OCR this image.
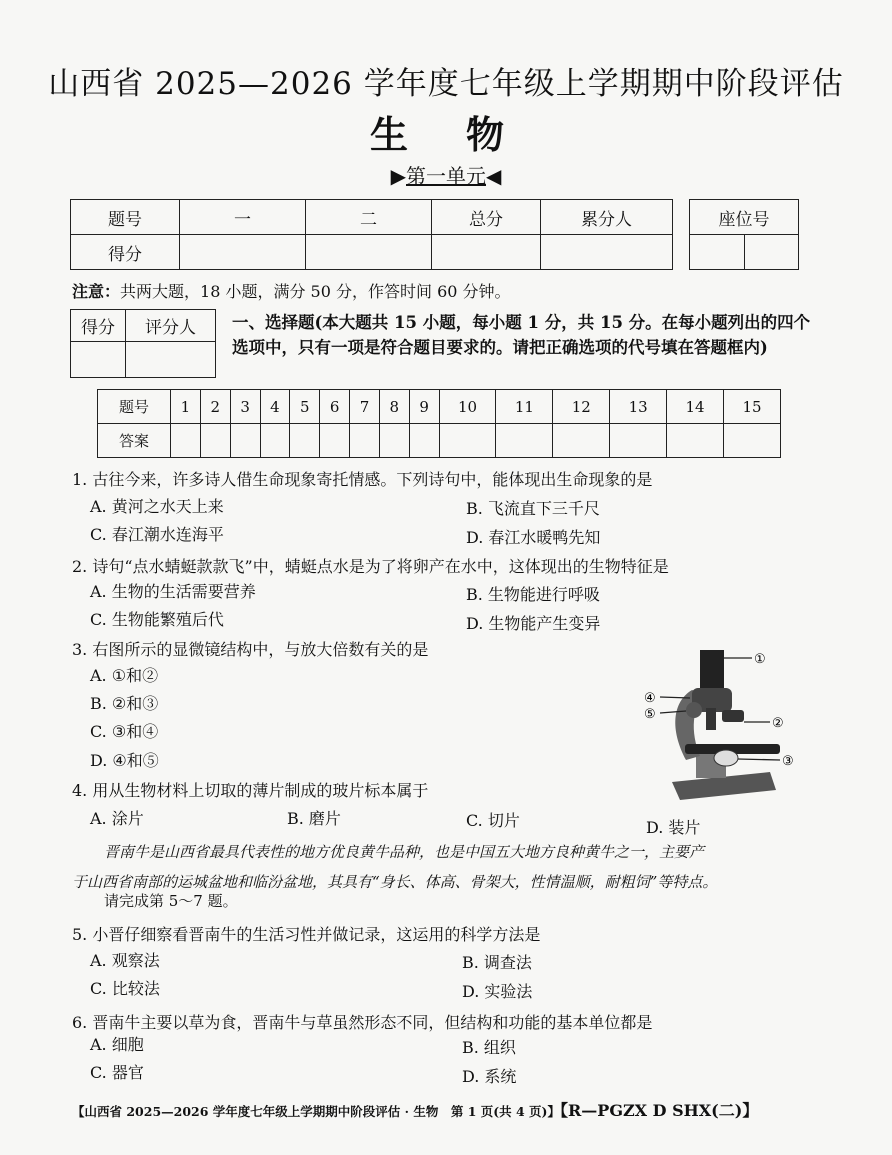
山西省 2025—2026 学年度七年级上学期期中阶段评估
生物
▶第一单元◀
题号	一	二	总分	累分人
得分				
座位号

注意：共两大题，18 小题，满分 50 分，作答时间 60 分钟。
得分	评分人
	一、选择题(本大题共 15 小题，每小题 1 分，共 15 分。在每小题列出的四个选项中，只有一项是符合题目要求的。请把正确选项的代号填在答题框内)
题号	1	2	3	4	5	6	7	8	9	10	11	12	13	14	15
答案															
1. 古往今来，许多诗人借生命现象寄托情感。下列诗句中，能体现出生命现象的是
A. 黄河之水天上来	B. 飞流直下三千尺
C. 春江潮水连海平	D. 春江水暖鸭先知
2. 诗句“点水蜻蜓款款飞”中，蜻蜓点水是为了将卵产在水中，这体现出的生物特征是
A. 生物的生活需要营养	B. 生物能进行呼吸
C. 生物能繁殖后代	D. 生物能产生变异
3. 右图所示的显微镜结构中，与放大倍数有关的是
A. ①和②
B. ②和③
C. ③和④
D. ④和⑤
①
②
③
④
⑤
4. 用从生物材料上切取的薄片制成的玻片标本属于
A. 涂片	B. 磨片	C. 切片	D. 装片
晋南牛是山西省最具代表性的地方优良黄牛品种，也是中国五大地方良种黄牛之一，主要产
于山西省南部的运城盆地和临汾盆地，其具有“身长、体高、骨架大，性情温顺，耐粗饲”等特点。
请完成第 5～7 题。
5. 小晋仔细察看晋南牛的生活习性并做记录，这运用的科学方法是
A. 观察法	B. 调查法
C. 比较法	D. 实验法
6. 晋南牛主要以草为食，晋南牛与草虽然形态不同，但结构和功能的基本单位都是
A. 细胞	B. 组织
C. 器官	D. 系统
【山西省 2025—2026 学年度七年级上学期期中阶段评估 · 生物　第 1 页(共 4 页)】【R—PGZX D SHX(二)】
